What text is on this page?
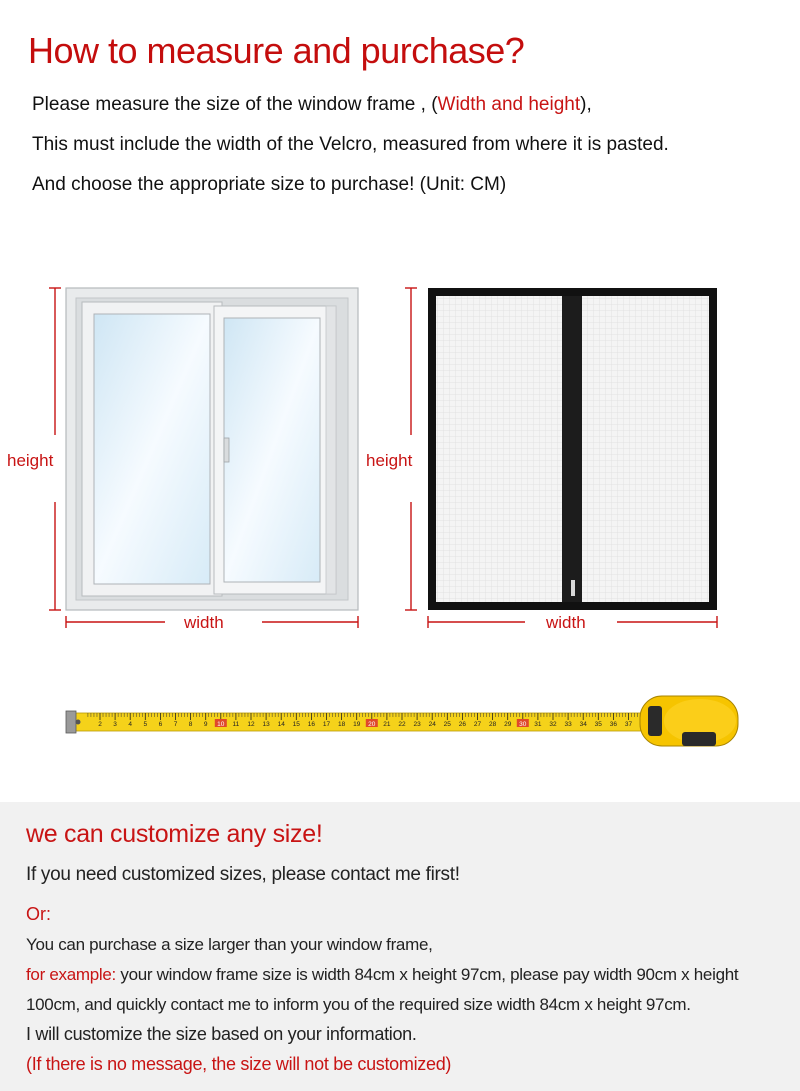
How to measure and purchase?
Please measure the size of the window frame , (Width and height),
This must include the width of the Velcro, measured from where it is pasted.
And choose the appropriate size to purchase! (Unit: CM)
height
width
height
width
2 3 4 5 6 7 8 9 10 11 12 13 14 15 16 17 18 19 20 21 22 23 24 25 26 27 28 29 30 31 32 33 34 35 36 37
we can customize any size!
If you need customized sizes, please contact me first!
Or:
You can purchase a size larger than your window frame,
for example: your window frame size is width 84cm x height 97cm, please pay width 90cm x height
100cm, and quickly contact me to inform you of the required size width 84cm x height 97cm.
I will customize the size based on your information.
(If there is no message, the size will not be customized)
